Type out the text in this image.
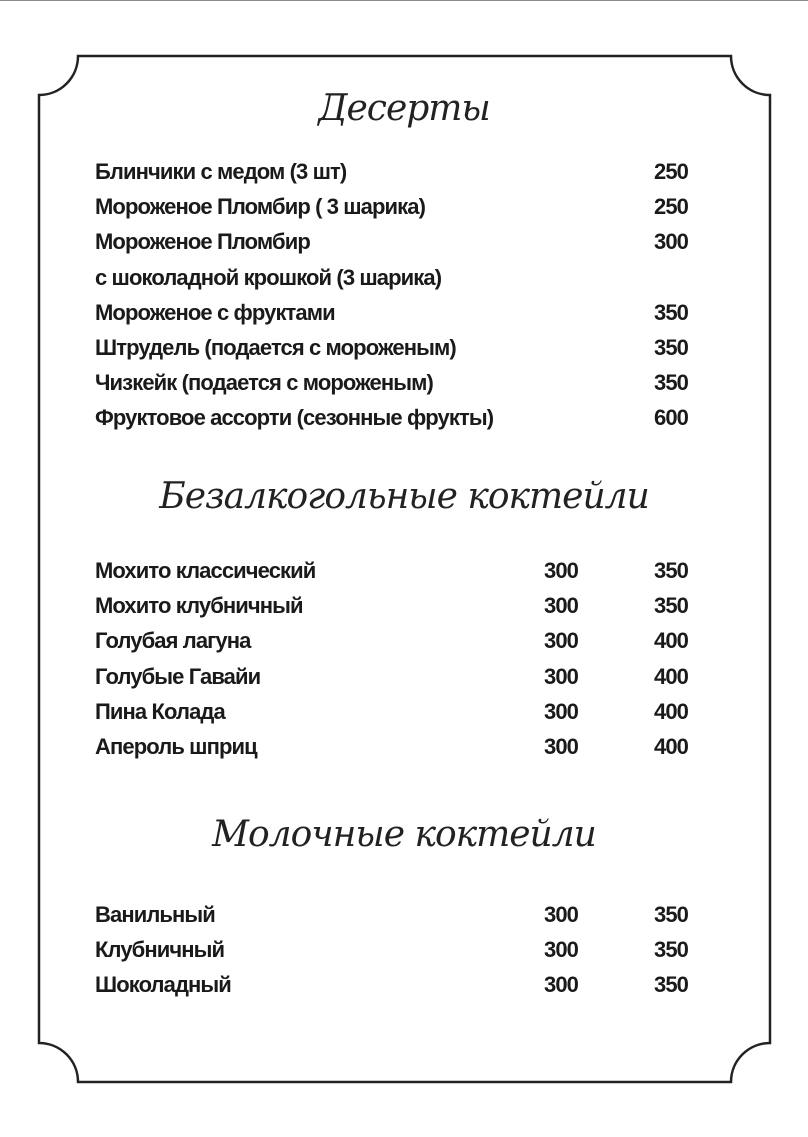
Десерты
Блинчики с медом (3 шт)	250
Мороженое Пломбир ( 3 шарика)	250
Мороженое Пломбир	300
с шоколадной крошкой (3 шарика)
Мороженое с фруктами	350
Штрудель (подается с мороженым)	350
Чизкейк (подается с мороженым)	350
Фруктовое ассорти (сезонные фрукты)	600
Безалкогольные коктейли
Мохито классический	300	350
Мохито клубничный	300	350
Голубая лагуна	300	400
Голубые Гавайи	300	400
Пина Колада	300	400
Апероль шприц	300	400
Молочные коктейли
Ванильный	300	350
Клубничный	300	350
Шоколадный	300	350
